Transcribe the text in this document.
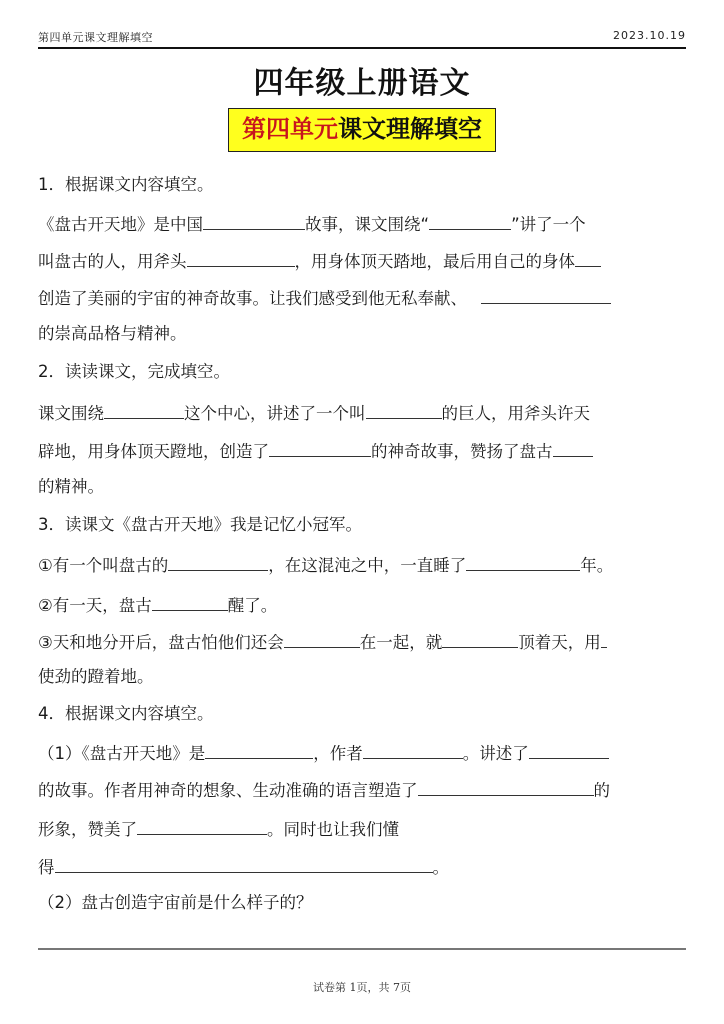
第四单元课文理解填空	2023.10.19
四年级上册语文
第四单元课文理解填空
1．根据课文内容填空。
《盘古开天地》是中国	故事，课文围绕“	”讲了一个
叫盘古的人，用斧头	，用身体顶天踏地，最后用自己的身体
创造了美丽的宇宙的神奇故事。让我们感受到他无私奉献、
的崇高品格与精神。
2．读读课文，完成填空。
课文围绕	这个中心，讲述了一个叫	的巨人，用斧头许天
辟地，用身体顶天蹬地，创造了	的神奇故事，赞扬了盘古
的精神。
3．读课文《盘古开天地》我是记忆小冠军。
①有一个叫盘古的	，在这混沌之中，一直睡了	年。
②有一天，盘古	醒了。
③天和地分开后，盘古怕他们还会	在一起，就	顶着天，用
使劲的蹬着地。
4．根据课文内容填空。
（1）《盘古开天地》是	，作者	。讲述了
的故事。作者用神奇的想象、生动准确的语言塑造了	的
形象，赞美了	。同时也让我们懂
得	。
（2）盘古创造宇宙前是什么样子的？
试卷第 1页，共 7页
